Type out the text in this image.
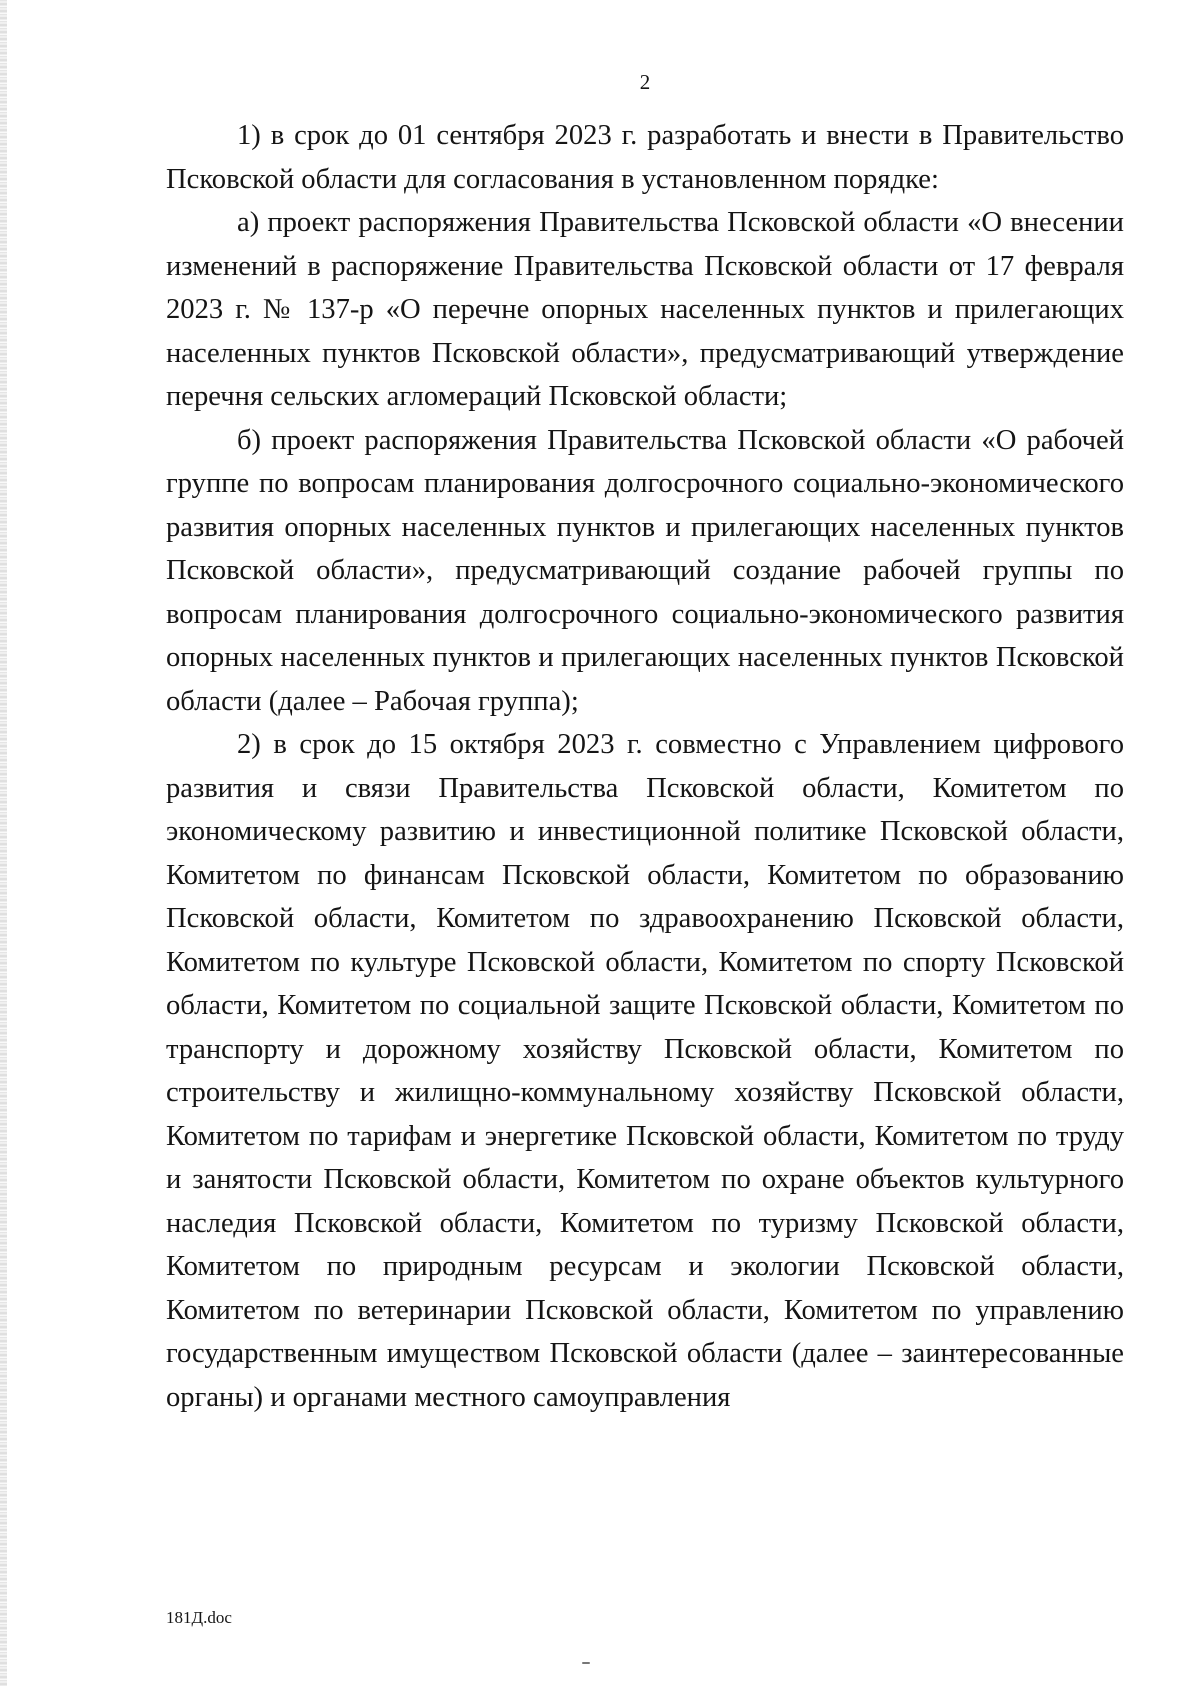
2

1) в срок до 01 сентября 2023 г. разработать и внести в Правительство Псковской области для согласования в установленном порядке:

а) проект распоряжения Правительства Псковской области «О внесении изменений в распоряжение Правительства Псковской области от 17 февраля 2023 г. № 137-р «О перечне опорных населенных пунктов и прилегающих населенных пунктов Псковской области», предусматривающий утверждение перечня сельских агломераций Псковской области;

б) проект распоряжения Правительства Псковской области «О рабочей группе по вопросам планирования долгосрочного социально-экономического развития опорных населенных пунктов и прилегающих населенных пунктов Псковской области», предусматривающий создание рабочей группы по вопросам планирования долгосрочного социально-экономического развития опорных населенных пунктов и прилегающих населенных пунктов Псковской области (далее – Рабочая группа);

2) в срок до 15 октября 2023 г. совместно с Управлением цифрового развития и связи Правительства Псковской области, Комитетом по экономическому развитию и инвестиционной политике Псковской области, Комитетом по финансам Псковской области, Комитетом по образованию Псковской области, Комитетом по здравоохранению Псковской области, Комитетом по культуре Псковской области, Комитетом по спорту Псковской области, Комитетом по социальной защите Псковской области, Комитетом по транспорту и дорожному хозяйству Псковской области, Комитетом по строительству и жилищно-коммунальному хозяйству Псковской области, Комитетом по тарифам и энергетике Псковской области, Комитетом по труду и занятости Псковской области, Комитетом по охране объектов культурного наследия Псковской области, Комитетом по туризму Псковской области, Комитетом по природным ресурсам и экологии Псковской области, Комитетом по ветеринарии Псковской области, Комитетом по управлению государственным имуществом Псковской области (далее – заинтересованные органы) и органами местного самоуправления

181Д.doc
